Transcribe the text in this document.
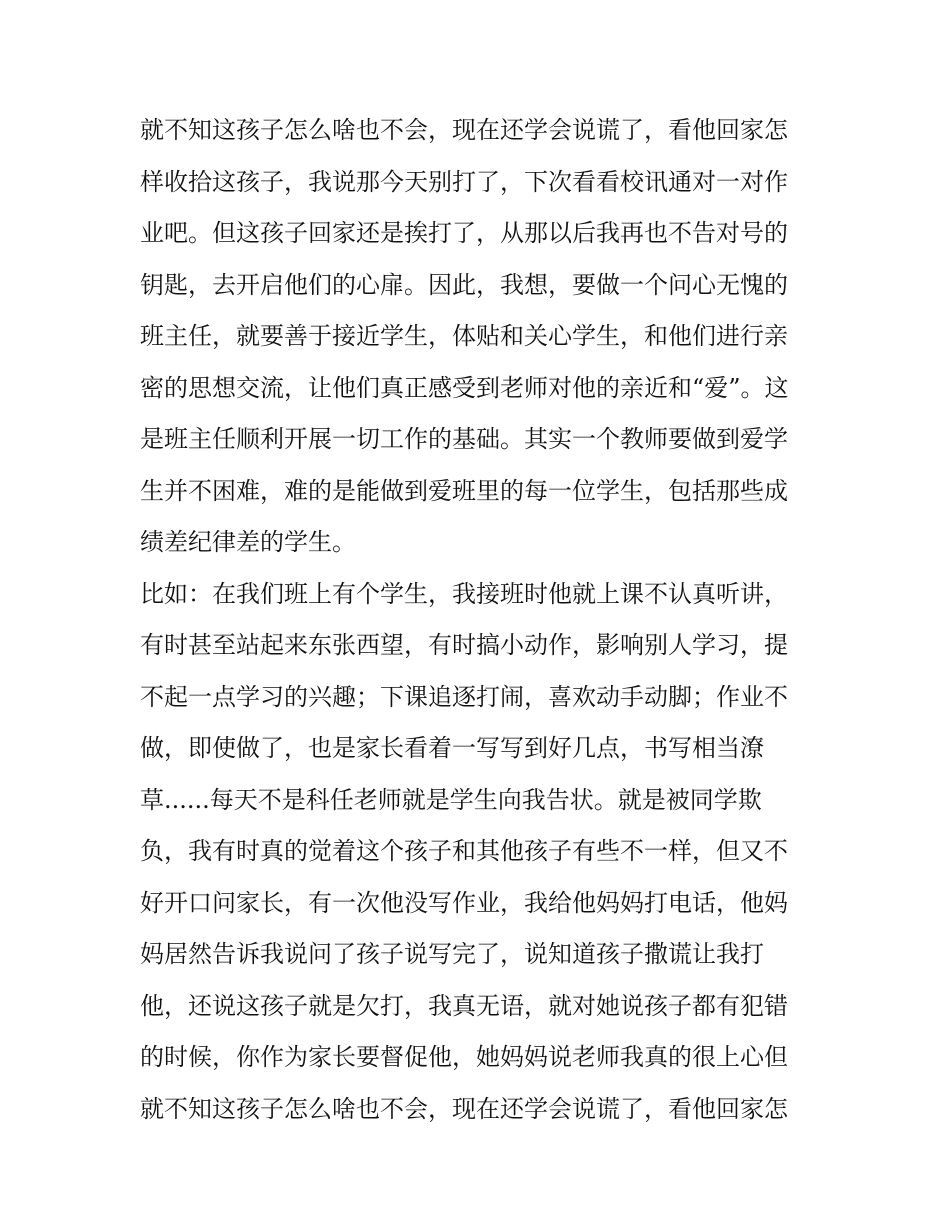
就不知这孩子怎么啥也不会，现在还学会说谎了，看他回家怎
样收拾这孩子，我说那今天别打了，下次看看校讯通对一对作
业吧。但这孩子回家还是挨打了，从那以后我再也不告对号的
钥匙，去开启他们的心扉。因此，我想，要做一个问心无愧的
班主任，就要善于接近学生，体贴和关心学生，和他们进行亲
密的思想交流，让他们真正感受到老师对他的亲近和“爱”。这
是班主任顺利开展一切工作的基础。其实一个教师要做到爱学
生并不困难，难的是能做到爱班里的每一位学生，包括那些成
绩差纪律差的学生。
比如：在我们班上有个学生，我接班时他就上课不认真听讲，
有时甚至站起来东张西望，有时搞小动作，影响别人学习，提
不起一点学习的兴趣；下课追逐打闹，喜欢动手动脚；作业不
做，即使做了，也是家长看着一写写到好几点，书写相当潦
草......每天不是科任老师就是学生向我告状。就是被同学欺
负，我有时真的觉着这个孩子和其他孩子有些不一样，但又不
好开口问家长，有一次他没写作业，我给他妈妈打电话，他妈
妈居然告诉我说问了孩子说写完了，说知道孩子撒谎让我打
他，还说这孩子就是欠打，我真无语，就对她说孩子都有犯错
的时候，你作为家长要督促他，她妈妈说老师我真的很上心但
就不知这孩子怎么啥也不会，现在还学会说谎了，看他回家怎
